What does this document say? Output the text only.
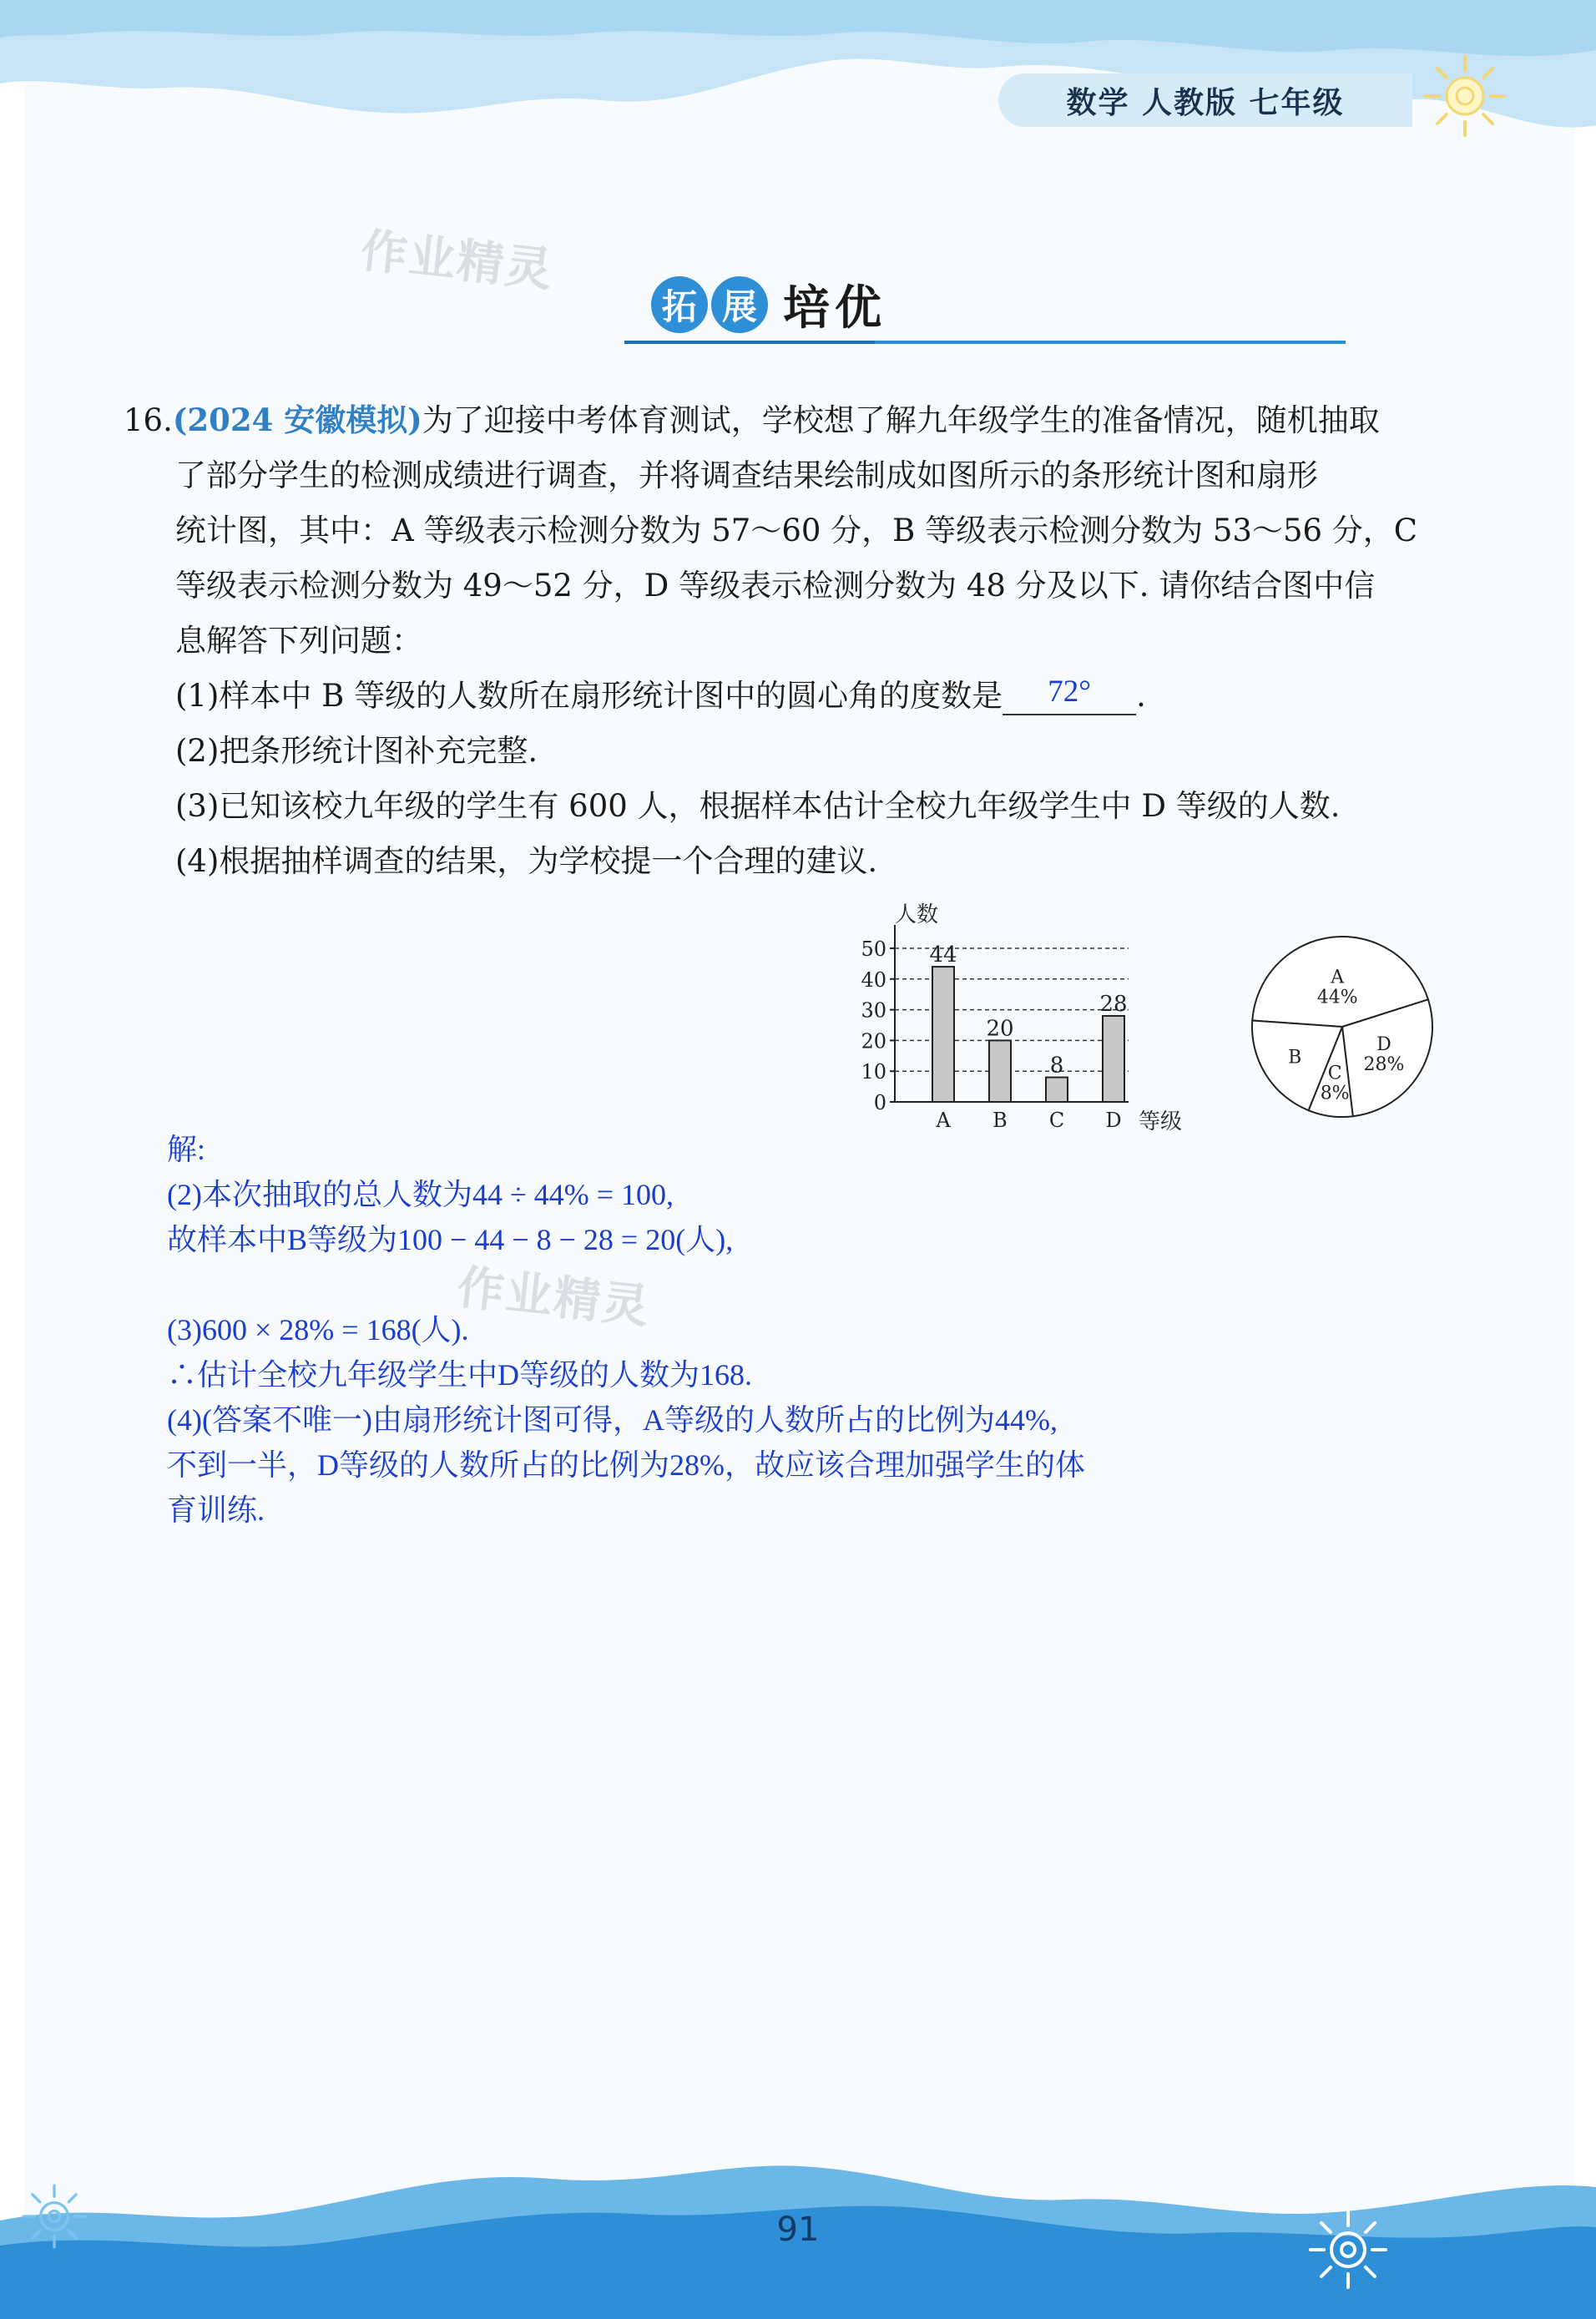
数学 人教版 七年级
作业精灵
拓 展 培优

16.(2024 安徽模拟)为了迎接中考体育测试，学校想了解九年级学生的准备情况，随机抽取

了部分学生的检测成绩进行调查，并将调查结果绘制成如图所示的条形统计图和扇形

统计图，其中：A 等级表示检测分数为 57～60 分，B 等级表示检测分数为 53～56 分，C

等级表示检测分数为 49～52 分，D 等级表示检测分数为 48 分及以下. 请你结合图中信

息解答下列问题：

(1)样本中 B 等级的人数所在扇形统计图中的圆心角的度数是 72° .

(2)把条形统计图补充完整.

(3)已知该校九年级的学生有 600 人，根据样本估计全校九年级学生中 D 等级的人数.

(4)根据抽样调查的结果，为学校提一个合理的建议.

人数
0
10
20
30
40
50 44
A
20
B
8
C
28
D 等级
A
44%
D
28%
C
8%
B

解:

(2)本次抽取的总人数为44 ÷ 44% = 100,

故样本中B等级为100 − 44 − 8 − 28 = 20(人),

(3)600 × 28% = 168(人).

∴估计全校九年级学生中D等级的人数为168.

(4)(答案不唯一)由扇形统计图可得，A等级的人数所占的比例为44%,

不到一半，D等级的人数所占的比例为28%，故应该合理加强学生的体

育训练.

作业精灵
91
